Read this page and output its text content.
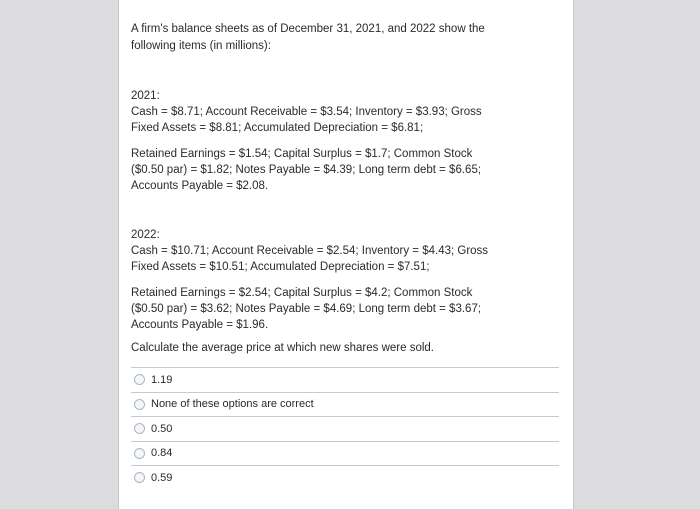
A firm's balance sheets as of December 31, 2021, and 2022 show the
following items (in millions):

2021:

Cash = $8.71; Account Receivable = $3.54; Inventory = $3.93; Gross

Fixed Assets = $8.81; Accumulated Depreciation = $6.81;

Retained Earnings = $1.54; Capital Surplus = $1.7; Common Stock

($0.50 par) = $1.82; Notes Payable = $4.39; Long term debt = $6.65;

Accounts Payable = $2.08.

2022:

Cash = $10.71; Account Receivable = $2.54; Inventory = $4.43; Gross

Fixed Assets = $10.51; Accumulated Depreciation = $7.51;

Retained Earnings = $2.54; Capital Surplus = $4.2; Common Stock

($0.50 par) = $3.62; Notes Payable = $4.69; Long term debt = $3.67;

Accounts Payable = $1.96.

Calculate the average price at which new shares were sold.
1.19
None of these options are correct
0.50
0.84
0.59
